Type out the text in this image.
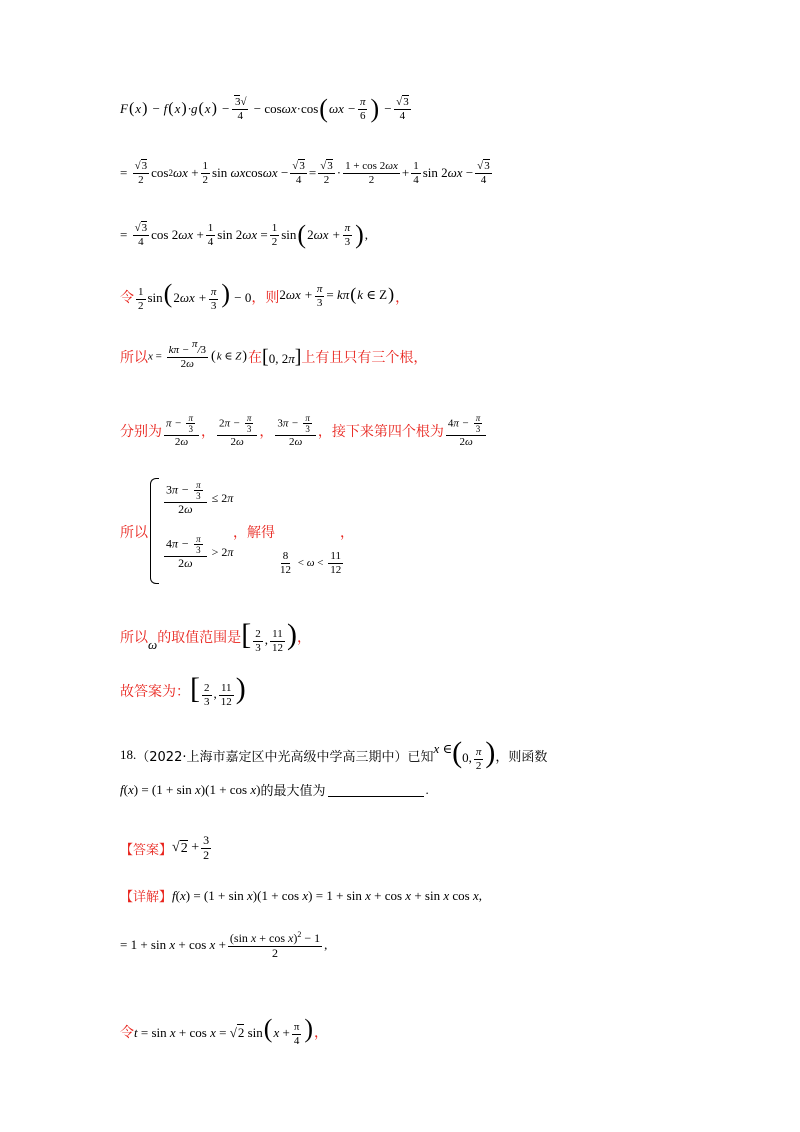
F ( x ) − f ( x ) ·g ( x ) − $\frac{3√}{4} - \cos \omega x \cdot\cos$ ( $\omega x - \frac{\pi}{6}$ ) − $\frac{√3}{4}$
= $\frac{√3}{2}$ cos 2 $\omega x + \frac{1}{2}$ sin ωx $\cos \omega x - \frac{√3}{4} = \frac{√3}{2} \cdot \frac{1 + \cos 2\omega x}{2} + \frac{1}{4}$ sin 2 $\omega x - \frac{√3}{4}$
= $\frac{√3}{4}$ cos 2 $\omega x + \frac{1}{4}$ sin 2 $\omega x = \frac{1}{2}$ sin ( 2 $\omega x + \frac{\pi}{3}$ ) ,
令 $\frac{1}{2} \sin(2\omega x + \frac{\pi}{3}$ ) − 0 ，则 $2\omega x + \frac{\pi}{3} = k\pi(k$ ∈ Z) ，
所以 $x = \frac{k\pi - \pi/3}{2\omega} (k$ ∈ Z) 在 [0, 2π] 上有且只有三个根，
分别为 $\frac{\pi - \frac{\pi}{3}}{2\omega}$ ， $\frac{2\pi - \frac{\pi}{3}}{2\omega}$ ， $\frac{3\pi - \frac{\pi}{3}}{2\omega}$ ，接下来第四个根为 $\frac{4\pi - \frac{\pi}{3}}{2\omega}$
所以
$\frac{3\pi - \frac{\pi}{3}}{2\omega} \le 2$ π
$\frac{4\pi - \frac{\pi}{3}}{2\omega} > 2$ π
，解得	，
$\frac{8}{12} < \omega < \frac{11}{12}$
所以 ω 的取值范围是 [ $\frac{2}{3}$ , $\frac{11}{12}$ ) ，
故答案为： [ $\frac{2}{3}$ , $\frac{11}{12}$ )
18. （2022·上海市嘉定区中光高级中学高三期中）已知
x ∈ (0, $\frac{\pi}{2}$ ) ，则函数
f(x) = (1 + sin x)(1 + cos x) 的最大值为	.
【答案】 √ $2 + \frac{3}{2}$
【详解】 f(x) = (1 + sin x)(1 + cos x) = 1 + sin x + cos x + sin x cos x,
= $1 + \sin x + \cos x + \frac{(\sin x + \cos x)^2 - 1}{2}$ ,
令 t = sin x + cos x = √2 $\sin(x + \frac{\pi}{4}$ ) ，
